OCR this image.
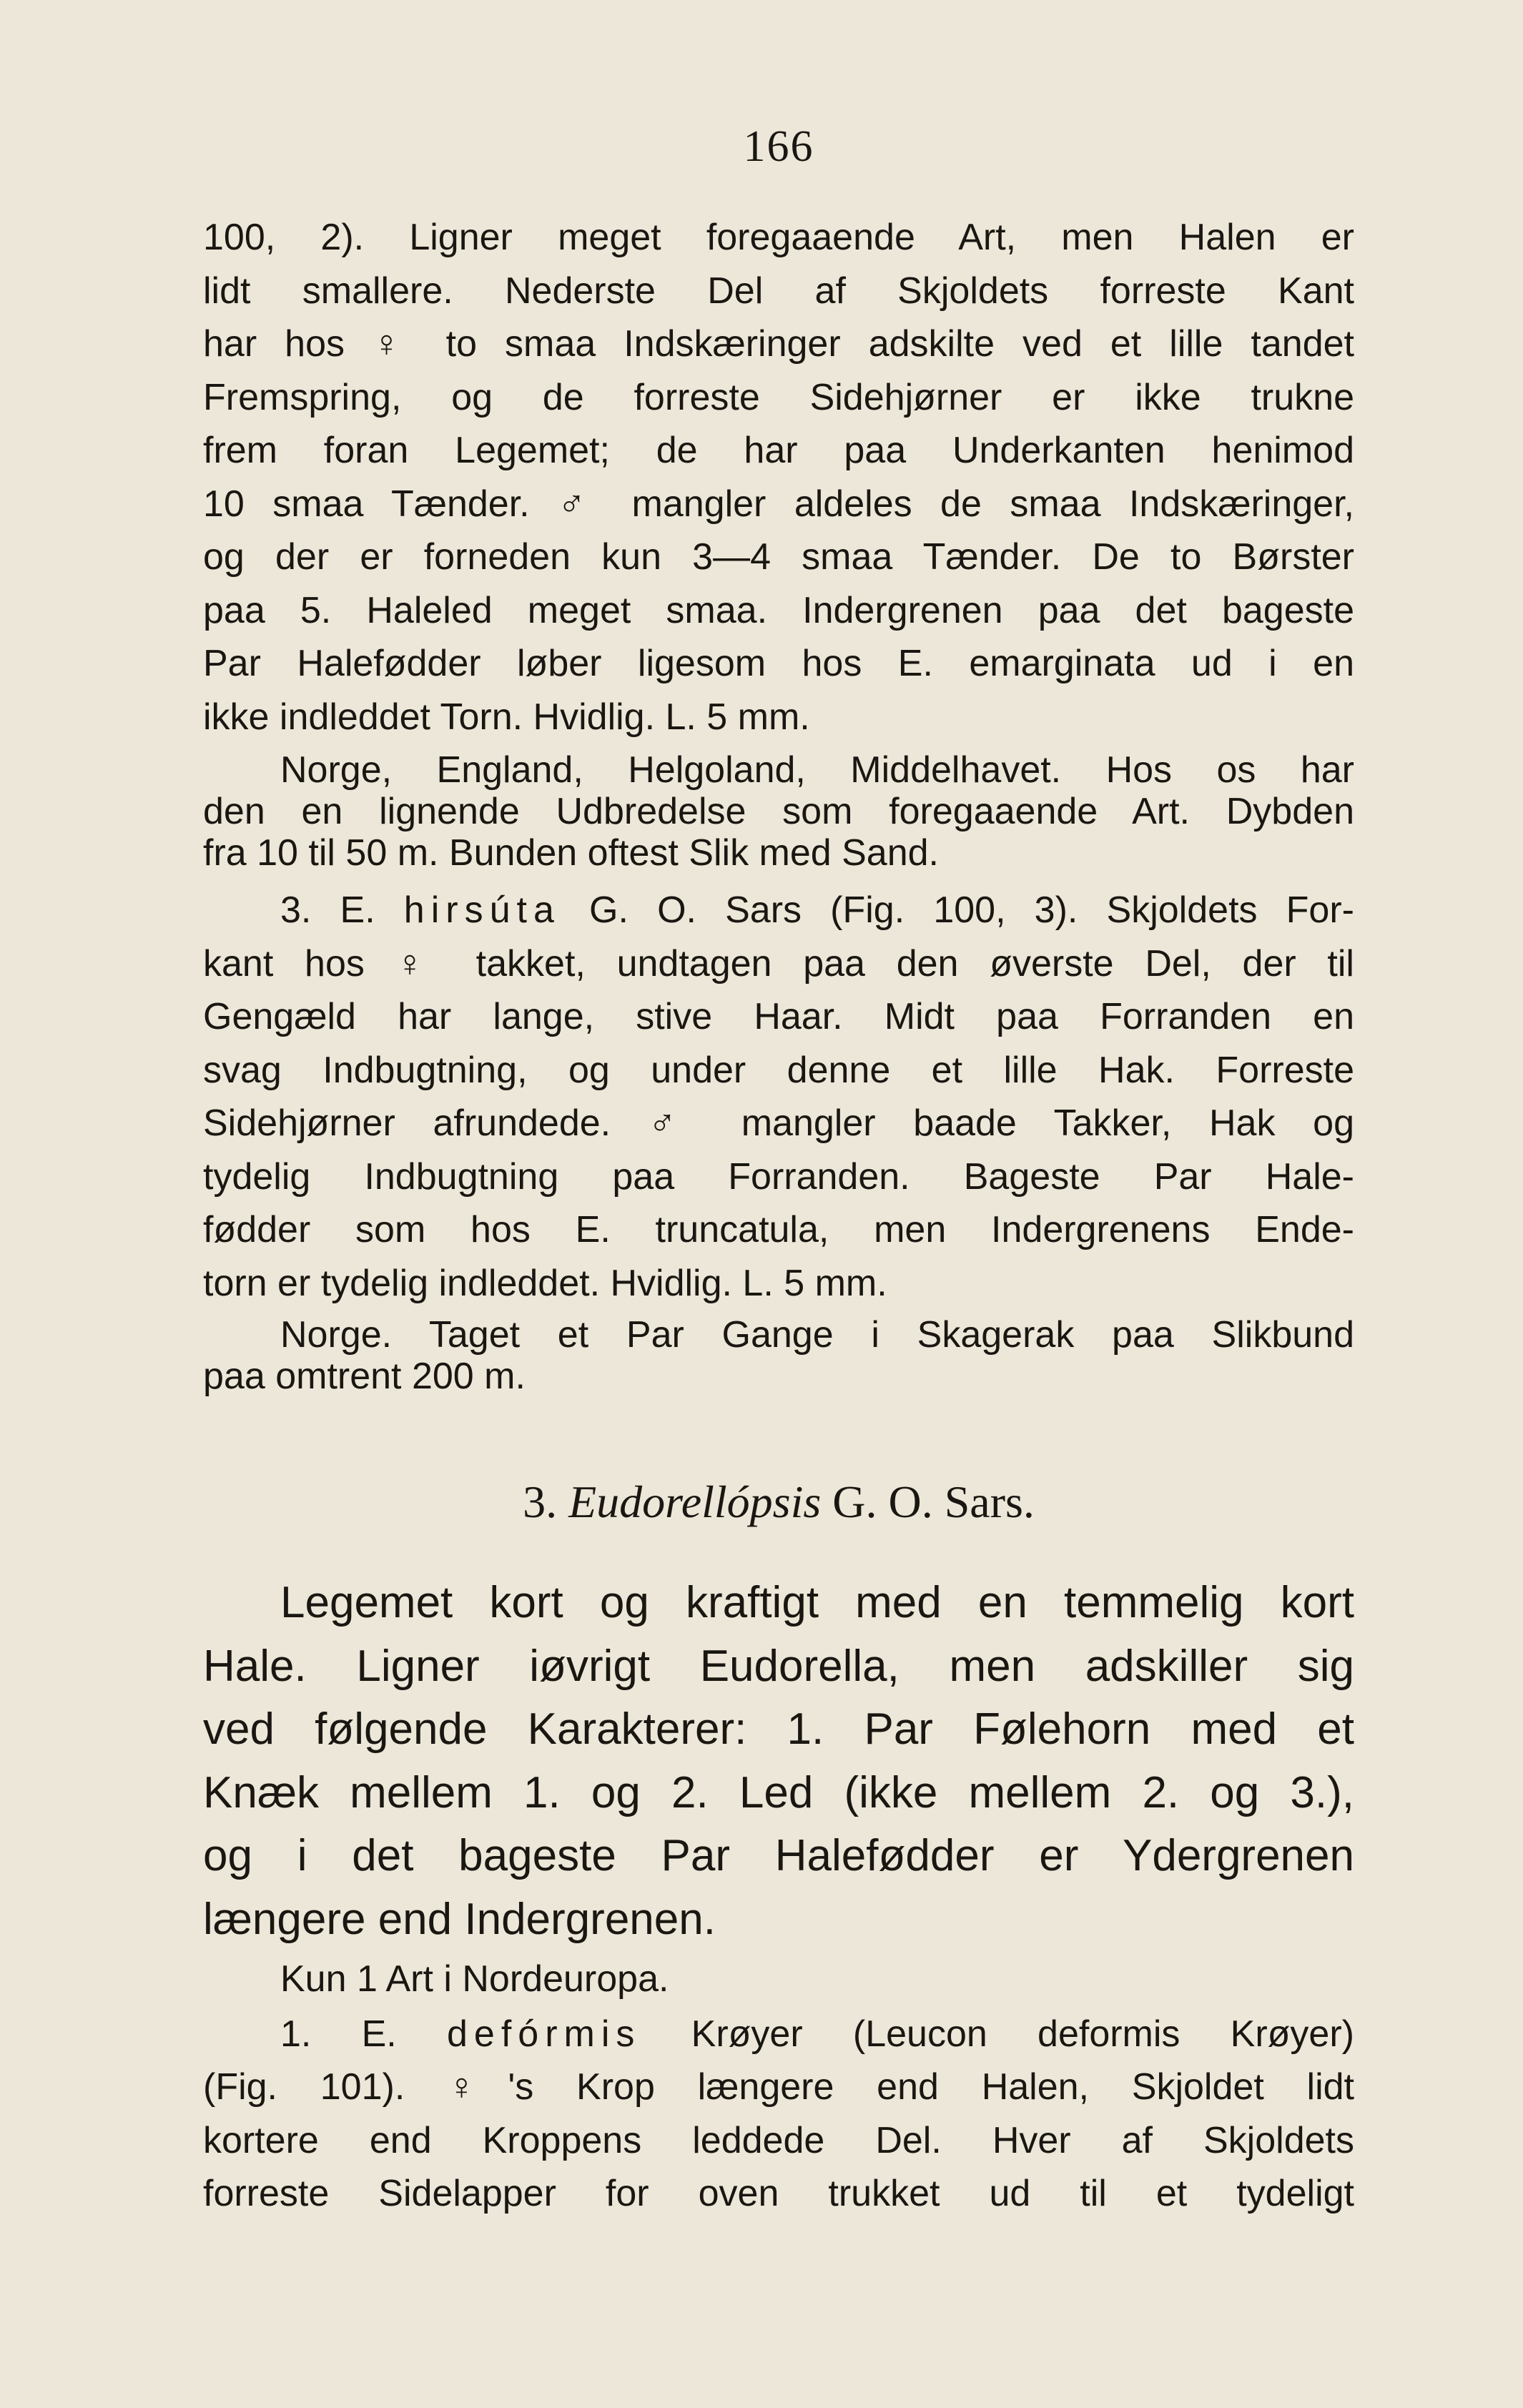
166
100, 2). Ligner meget foregaaende Art, men Halen er
lidt smallere. Nederste Del af Skjoldets forreste Kant
har hos ♀ to smaa Indskæringer adskilte ved et lille tandet
Fremspring, og de forreste Sidehjørner er ikke trukne
frem foran Legemet; de har paa Underkanten henimod
10 smaa Tænder. ♂ mangler aldeles de smaa Indskæringer,
og der er forneden kun 3—4 smaa Tænder. De to Børster
paa 5. Haleled meget smaa. Indergrenen paa det bageste
Par Halefødder løber ligesom hos E. emarginata ud i en
ikke indleddet Torn. Hvidlig. L. 5 mm.
Norge, England, Helgoland, Middelhavet. Hos os har
den en lignende Udbredelse som foregaaende Art. Dybden
fra 10 til 50 m. Bunden oftest Slik med Sand.
3. E. hirsúta G. O. Sars (Fig. 100, 3). Skjoldets For-
kant hos ♀ takket, undtagen paa den øverste Del, der til
Gengæld har lange, stive Haar. Midt paa Forranden en
svag Indbugtning, og under denne et lille Hak. Forreste
Sidehjørner afrundede. ♂ mangler baade Takker, Hak og
tydelig Indbugtning paa Forranden. Bageste Par Hale-
fødder som hos E. truncatula, men Indergrenens Ende-
torn er tydelig indleddet. Hvidlig. L. 5 mm.
Norge. Taget et Par Gange i Skagerak paa Slikbund
paa omtrent 200 m.
3. Eudorellópsis G. O. Sars.
Legemet kort og kraftigt med en temmelig kort
Hale. Ligner iøvrigt Eudorella, men adskiller sig
ved følgende Karakterer: 1. Par Følehorn med et
Knæk mellem 1. og 2. Led (ikke mellem 2. og 3.),
og i det bageste Par Halefødder er Ydergrenen
længere end Indergrenen.
Kun 1 Art i Nordeuropa.
1. E. defórmis Krøyer (Leucon deformis Krøyer)
(Fig. 101). ♀'s Krop længere end Halen, Skjoldet lidt
kortere end Kroppens leddede Del. Hver af Skjoldets
forreste Sidelapper for oven trukket ud til et tydeligt
